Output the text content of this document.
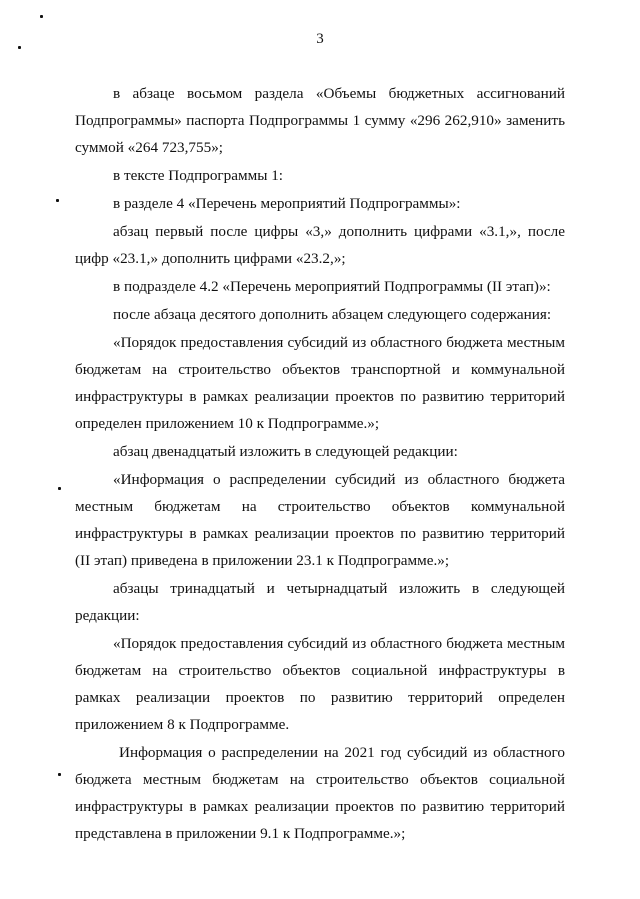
3

в абзаце восьмом раздела «Объемы бюджетных ассигнований Подпрограммы» паспорта Подпрограммы 1 сумму «296 262,910» заменить суммой «264 723,755»;

в тексте Подпрограммы 1:

в разделе 4 «Перечень мероприятий Подпрограммы»:

абзац первый после цифры «3,» дополнить цифрами «3.1,», после цифр «23.1,» дополнить цифрами «23.2,»;

в подразделе 4.2 «Перечень мероприятий Подпрограммы (II этап)»:

после абзаца десятого дополнить абзацем следующего содержания:

«Порядок предоставления субсидий из областного бюджета местным бюджетам на строительство объектов транспортной и коммунальной инфраструктуры в рамках реализации проектов по развитию территорий определен приложением 10 к Подпрограмме.»;

абзац двенадцатый изложить в следующей редакции:

«Информация о распределении субсидий из областного бюджета местным бюджетам на строительство объектов коммунальной инфраструктуры в рамках реализации проектов по развитию территорий (II этап) приведена в приложении 23.1 к Подпрограмме.»;

абзацы тринадцатый и четырнадцатый изложить в следующей редакции:

«Порядок предоставления субсидий из областного бюджета местным бюджетам на строительство объектов социальной инфраструктуры в рамках реализации проектов по развитию территорий определен приложением 8 к Подпрограмме.

Информация о распределении на 2021 год субсидий из областного бюджета местным бюджетам на строительство объектов социальной инфраструктуры в рамках реализации проектов по развитию территорий представлена в приложении 9.1 к Подпрограмме.»;
